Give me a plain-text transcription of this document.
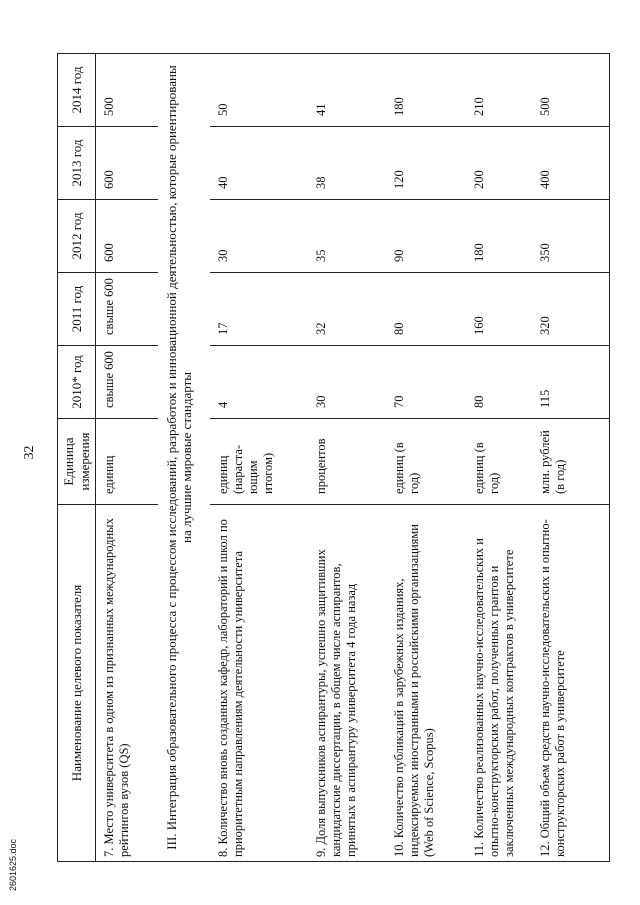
2601625.doc
32
Наименование целевого показателя	Единица измерения	2010* год	2011 год	2012 год	2013 год	2014 год
7. Место университета в одном из признанных международных рейтингов вузов (QS)	единиц	свыше 600	свыше 600	600	600	500
III. Интеграция образовательного процесса с процессом исследований, разработок и инновационной деятельностью, которые ориентированы на лучшие мировые стандарты						
8. Количество вновь созданных кафедр, лабораторий и школ по приоритетным направлениям деятельности университета	единиц (нараста-ющим итогом)	4	17	30	40	50
9. Доля выпускников аспирантуры, успешно защитивших кандидатские диссертации, в общем числе аспирантов, принятых в аспирантуру университета 4 года назад	процентов	30	32	35	38	41
10. Количество публикаций в зарубежных изданиях, индексируемых иностранными и российскими организациями (Web of Science, Scopus)	единиц (в год)	70	80	90	120	180
11. Количество реализованных научно-исследовательских и опытно-конструкторских работ, полученных грантов и заключенных международных контрактов в университете	единиц (в год)	80	160	180	200	210
12. Общий объем средств научно-исследовательских и опытно-конструкторских работ в университете	млн. рублей (в год)	115	320	350	400	500
